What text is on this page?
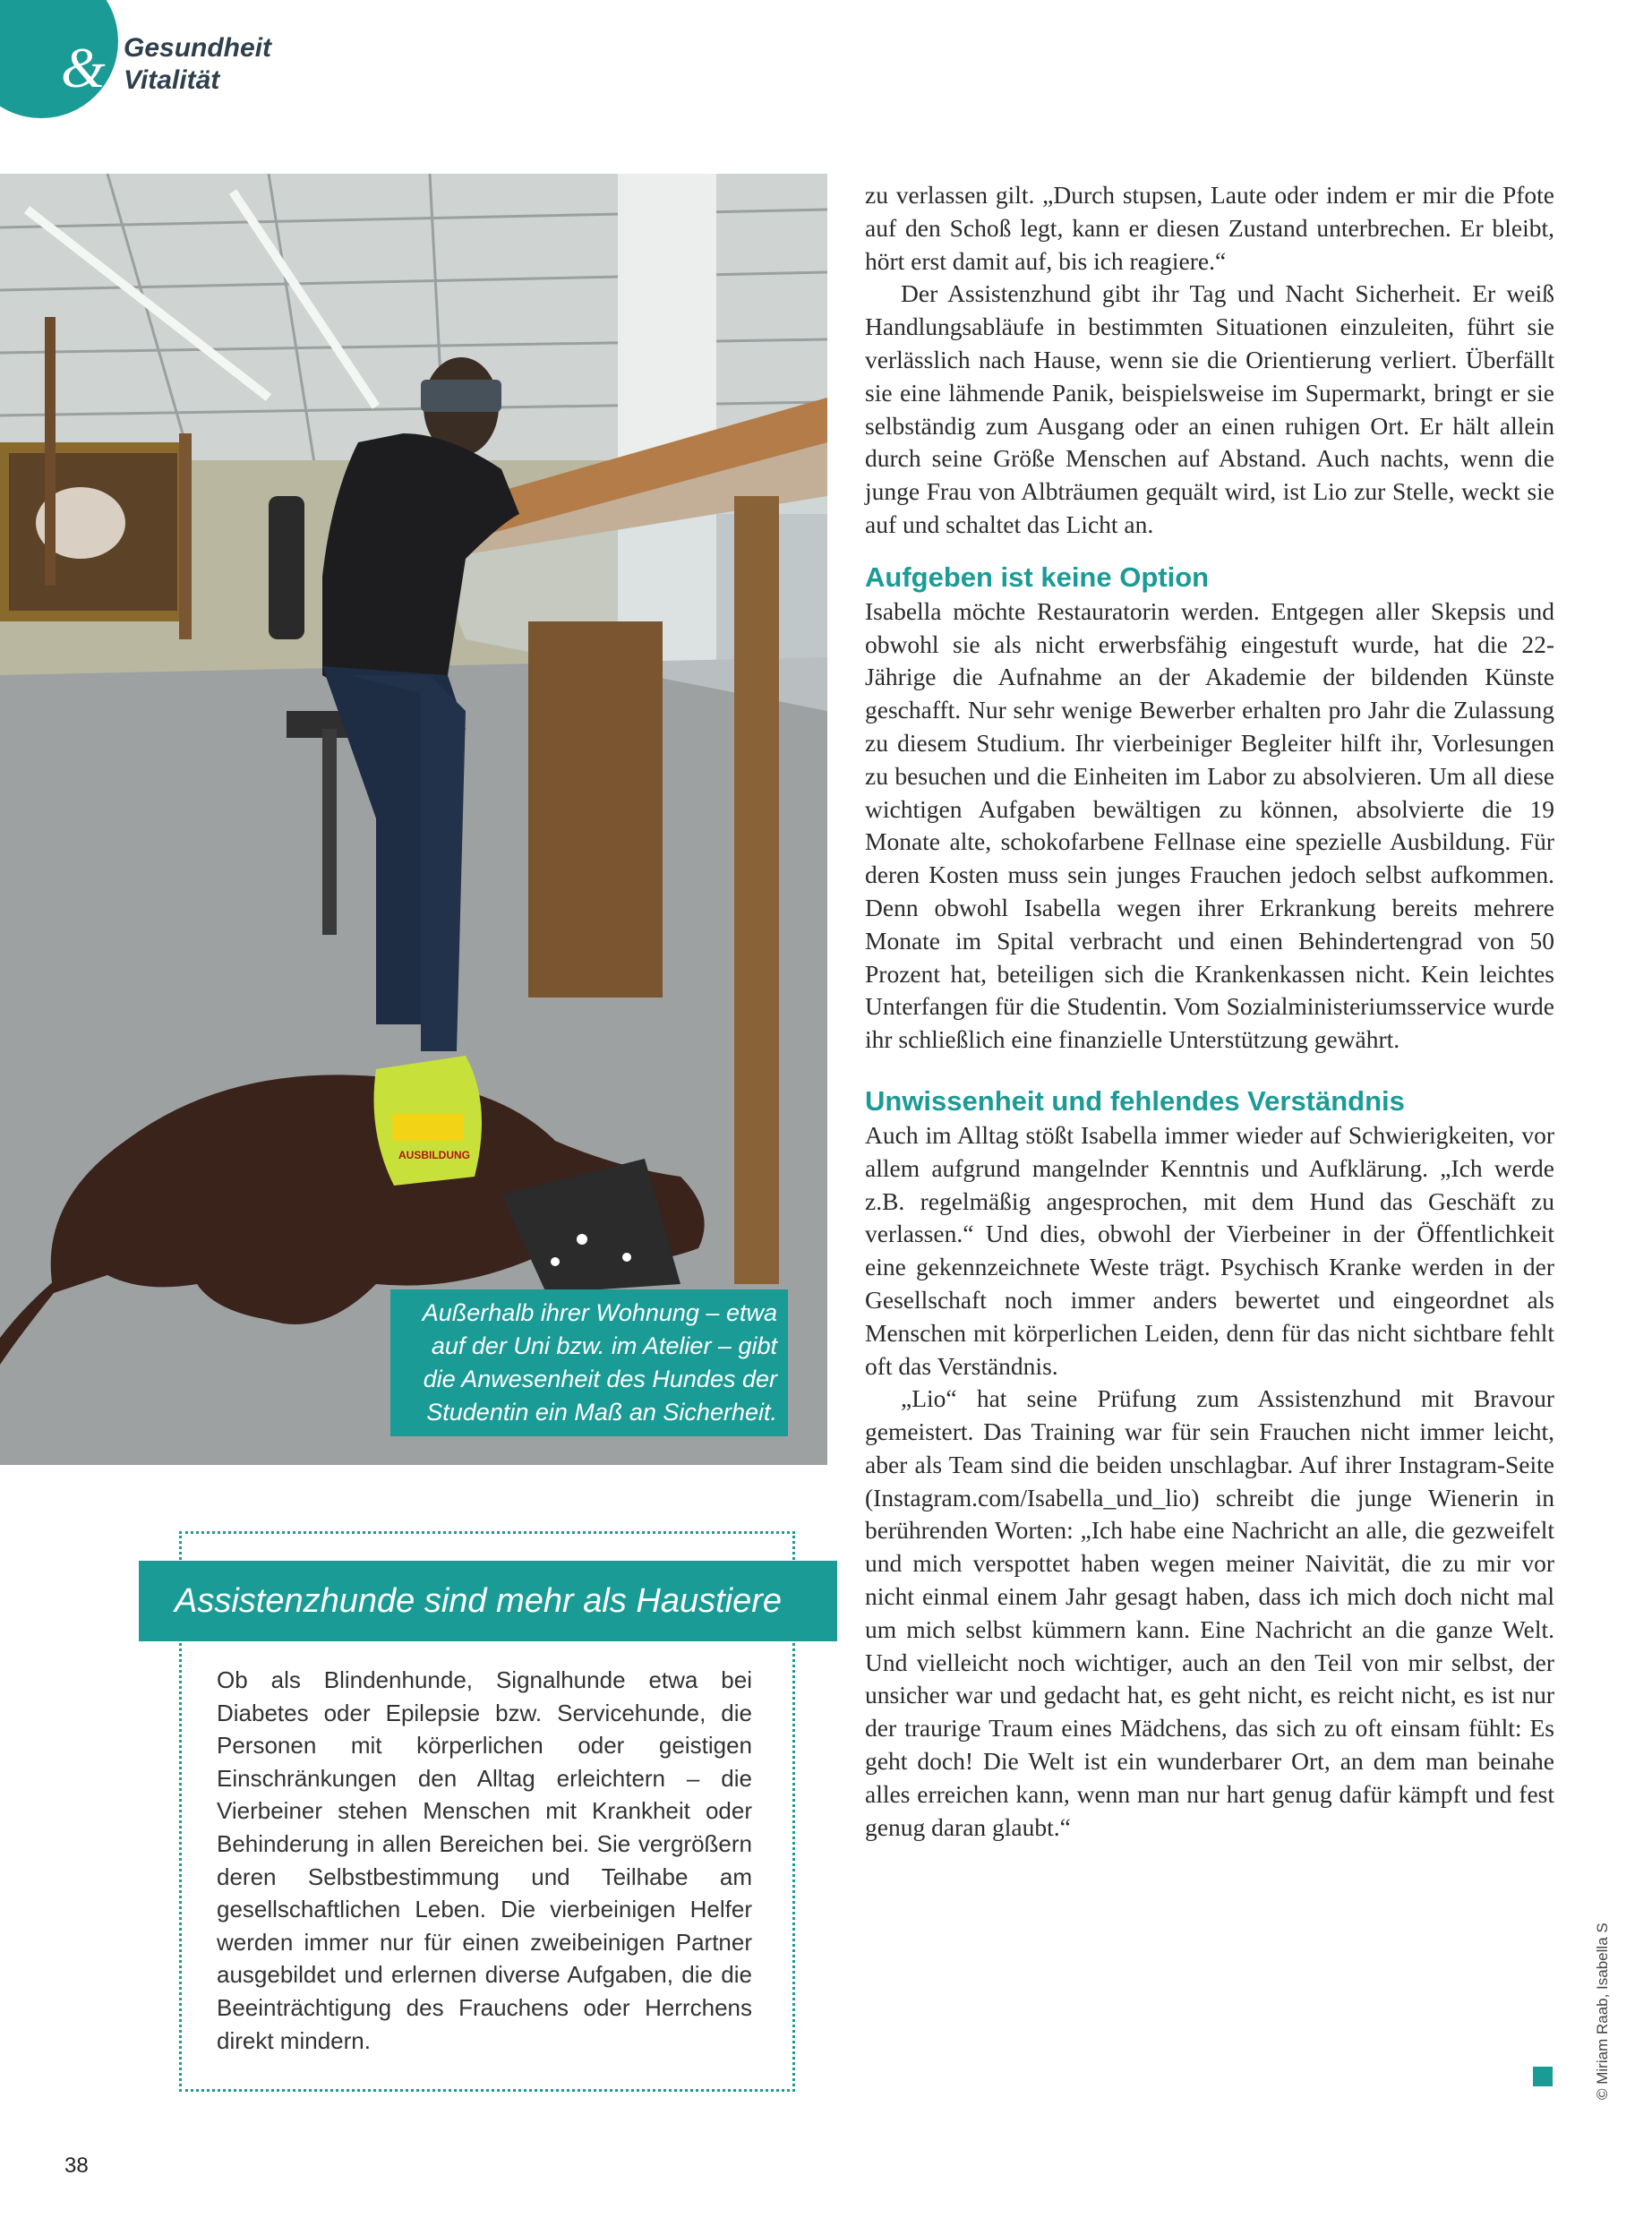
& Gesundheit
Vitalität
AUSBILDUNG
Außerhalb ihrer Wohnung – etwa auf der Uni bzw. im Atelier – gibt die Anwesenheit des Hundes der Studentin ein Maß an Sicherheit.

zu verlassen gilt. „Durch stupsen, Laute oder indem er mir die Pfote auf den Schoß legt, kann er diesen Zustand unterbrechen. Er bleibt, hört erst damit auf, bis ich reagiere.“

Der Assistenzhund gibt ihr Tag und Nacht Sicherheit. Er weiß Handlungsabläufe in bestimmten Situationen einzuleiten, führt sie verlässlich nach Hause, wenn sie die Orientierung verliert. Überfällt sie eine lähmende Panik, beispielsweise im Supermarkt, bringt er sie selbständig zum Ausgang oder an einen ruhigen Ort. Er hält allein durch seine Größe Menschen auf Abstand. Auch nachts, wenn die junge Frau von Albträumen gequält wird, ist Lio zur Stelle, weckt sie auf und schaltet das Licht an.

Aufgeben ist keine Option

Isabella möchte Restauratorin werden. Entgegen aller Skepsis und obwohl sie als nicht erwerbsfähig eingestuft wurde, hat die 22-Jährige die Aufnahme an der Akademie der bildenden Künste geschafft. Nur sehr wenige Bewerber erhalten pro Jahr die Zulassung zu diesem Studium. Ihr vierbeiniger Begleiter hilft ihr, Vorlesungen zu besuchen und die Einheiten im Labor zu absolvieren. Um all diese wichtigen Aufgaben bewältigen zu können, absolvierte die 19 Monate alte, schokofarbene Fellnase eine spezielle Ausbildung. Für deren Kosten muss sein junges Frauchen jedoch selbst aufkommen. Denn obwohl Isabella wegen ihrer Erkrankung bereits mehrere Monate im Spital verbracht und einen Behindertengrad von 50 Prozent hat, beteiligen sich die Krankenkassen nicht. Kein leichtes Unterfangen für die Studentin. Vom Sozialministeriumsservice wurde ihr schließlich eine finanzielle Unterstützung gewährt.

Unwissenheit und fehlendes Verständnis

Auch im Alltag stößt Isabella immer wieder auf Schwierigkeiten, vor allem aufgrund mangelnder Kenntnis und Aufklärung. „Ich werde z.B. regelmäßig angesprochen, mit dem Hund das Geschäft zu verlassen.“ Und dies, obwohl der Vierbeiner in der Öffentlichkeit eine gekennzeichnete Weste trägt. Psychisch Kranke werden in der Gesellschaft noch immer anders bewertet und eingeordnet als Menschen mit körperlichen Leiden, denn für das nicht sichtbare fehlt oft das Verständnis.

„Lio“ hat seine Prüfung zum Assistenzhund mit Bravour gemeistert. Das Training war für sein Frauchen nicht immer leicht, aber als Team sind die beiden unschlagbar. Auf ihrer Instagram-Seite (Instagram.com/Isabella_und_lio) schreibt die junge Wienerin in berührenden Worten: „Ich habe eine Nachricht an alle, die gezweifelt und mich verspottet haben wegen meiner Naivität, die zu mir vor nicht einmal einem Jahr gesagt haben, dass ich mich doch nicht mal um mich selbst kümmern kann. Eine Nachricht an die ganze Welt. Und vielleicht noch wichtiger, auch an den Teil von mir selbst, der unsicher war und gedacht hat, es geht nicht, es reicht nicht, es ist nur der traurige Traum eines Mädchens, das sich zu oft einsam fühlt: Es geht doch! Die Welt ist ein wunderbarer Ort, an dem man beinahe alles erreichen kann, wenn man nur hart genug dafür kämpft und fest genug daran glaubt.“

Assistenzhunde sind mehr als Haustiere

Ob als Blindenhunde, Signalhunde etwa bei Diabetes oder Epilepsie bzw. Servicehunde, die Personen mit körperlichen oder geistigen Einschränkungen den Alltag erleichtern – die Vierbeiner stehen Menschen mit Krankheit oder Behinderung in allen Bereichen bei. Sie vergrößern deren Selbstbestimmung und Teilhabe am gesellschaftlichen Leben. Die vierbeinigen Helfer werden immer nur für einen zweibeinigen Partner ausgebildet und erlernen diverse Aufgaben, die die Beeinträchtigung des Frauchens oder Herrchens direkt mindern.	© Miriam Raab, Isabella S
38
